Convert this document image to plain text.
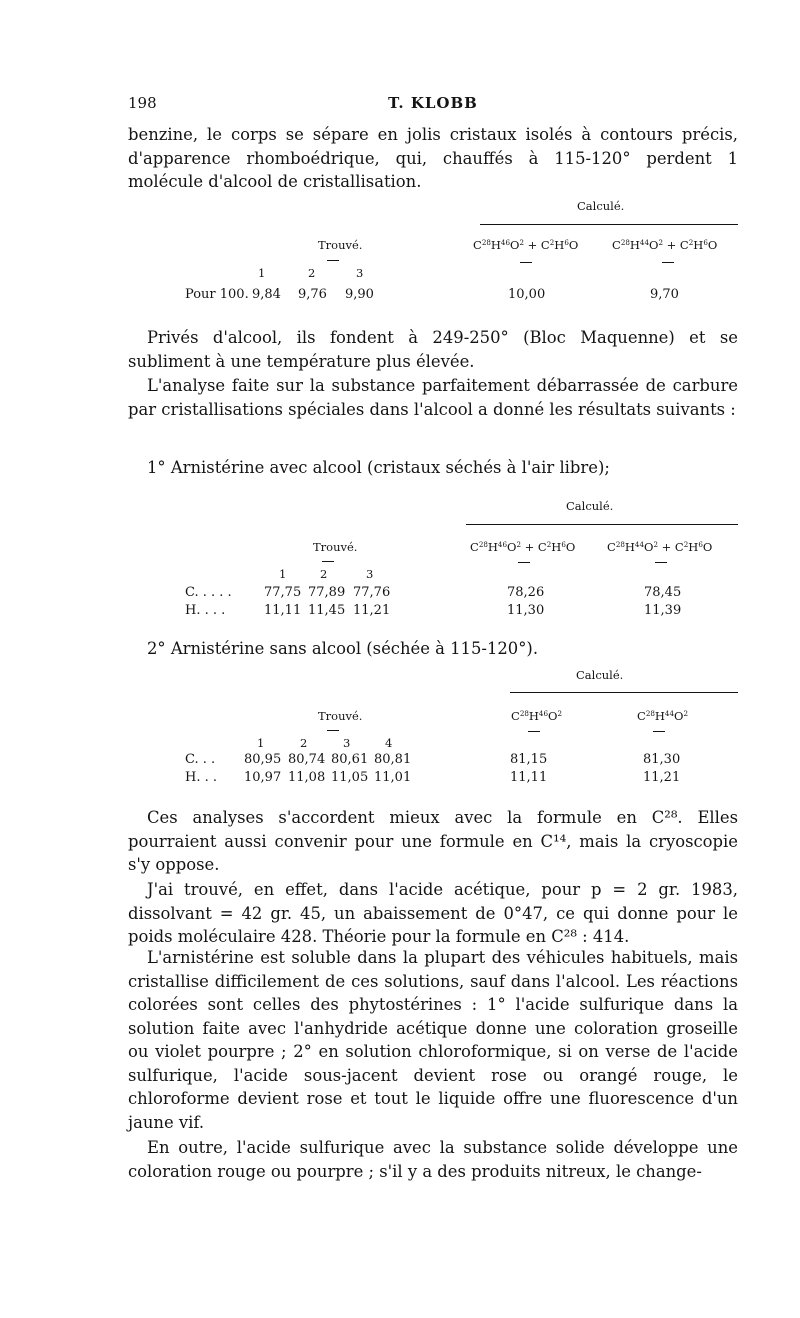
198	T. KLOBB

benzine, le corps se sépare en jolis cristaux isolés à contours précis, d'apparence rhomboédrique, qui, chauffés à 115-120° perdent 1 molécule d'alcool de cristallisation.

Calculé.
Trouvé.	$C^{28}H^{46}O^2 + C^2H^6O$	$C^{28}H^{44}O^2 + C^2H^6O$
1	2	3
Pour 100. 9,84 9,76 9,90	10,00	9,70

Privés d'alcool, ils fondent à 249-250° (Bloc Maquenne) et se subliment à une température plus élevée.

L'analyse faite sur la substance parfaitement débarrassée de carbure par cristallisations spéciales dans l'alcool a donné les résultats suivants :

1° Arnistérine avec alcool (cristaux séchés à l'air libre);

Calculé.
Trouvé.	$C^{28}H^{46}O^2 + C^2H^6O$	$C^{28}H^{44}O^2 + C^2H^6O$
1	2	3
C. . . . . 77,75 77,89 77,76	78,26	78,45
H. . . .	11,11 11,45 11,21	11,30	11,39

2° Arnistérine sans alcool (séchée à 115-120°).

Calculé.
Trouvé.	$C^{28}H^{46}O^2$	$C^{28}H^{44}O^2$
1	2	3	4
C. . . 80,95 80,74 80,61 80,81	81,15	81,30
H. . . 10,97 11,08 11,05 11,01	11,11	11,21

Ces analyses s'accordent mieux avec la formule en C²⁸. Elles pourraient aussi convenir pour une formule en C¹⁴, mais la cryoscopie s'y oppose.

J'ai trouvé, en effet, dans l'acide acétique, pour p = 2 gr. 1983, dissolvant = 42 gr. 45, un abaissement de 0°47, ce qui donne pour le poids moléculaire 428. Théorie pour la formule en C²⁸ : 414.

L'arnistérine est soluble dans la plupart des véhicules habituels, mais cristallise difficilement de ces solutions, sauf dans l'alcool. Les réactions colorées sont celles des phytostérines : 1° l'acide sulfurique dans la solution faite avec l'anhydride acétique donne une coloration groseille ou violet pourpre ; 2° en solution chloroformique, si on verse de l'acide sulfurique, l'acide sous-jacent devient rose ou orangé rouge, le chloroforme devient rose et tout le liquide offre une fluorescence d'un jaune vif.

En outre, l'acide sulfurique avec la substance solide développe une coloration rouge ou pourpre ; s'il y a des produits nitreux, le change-
